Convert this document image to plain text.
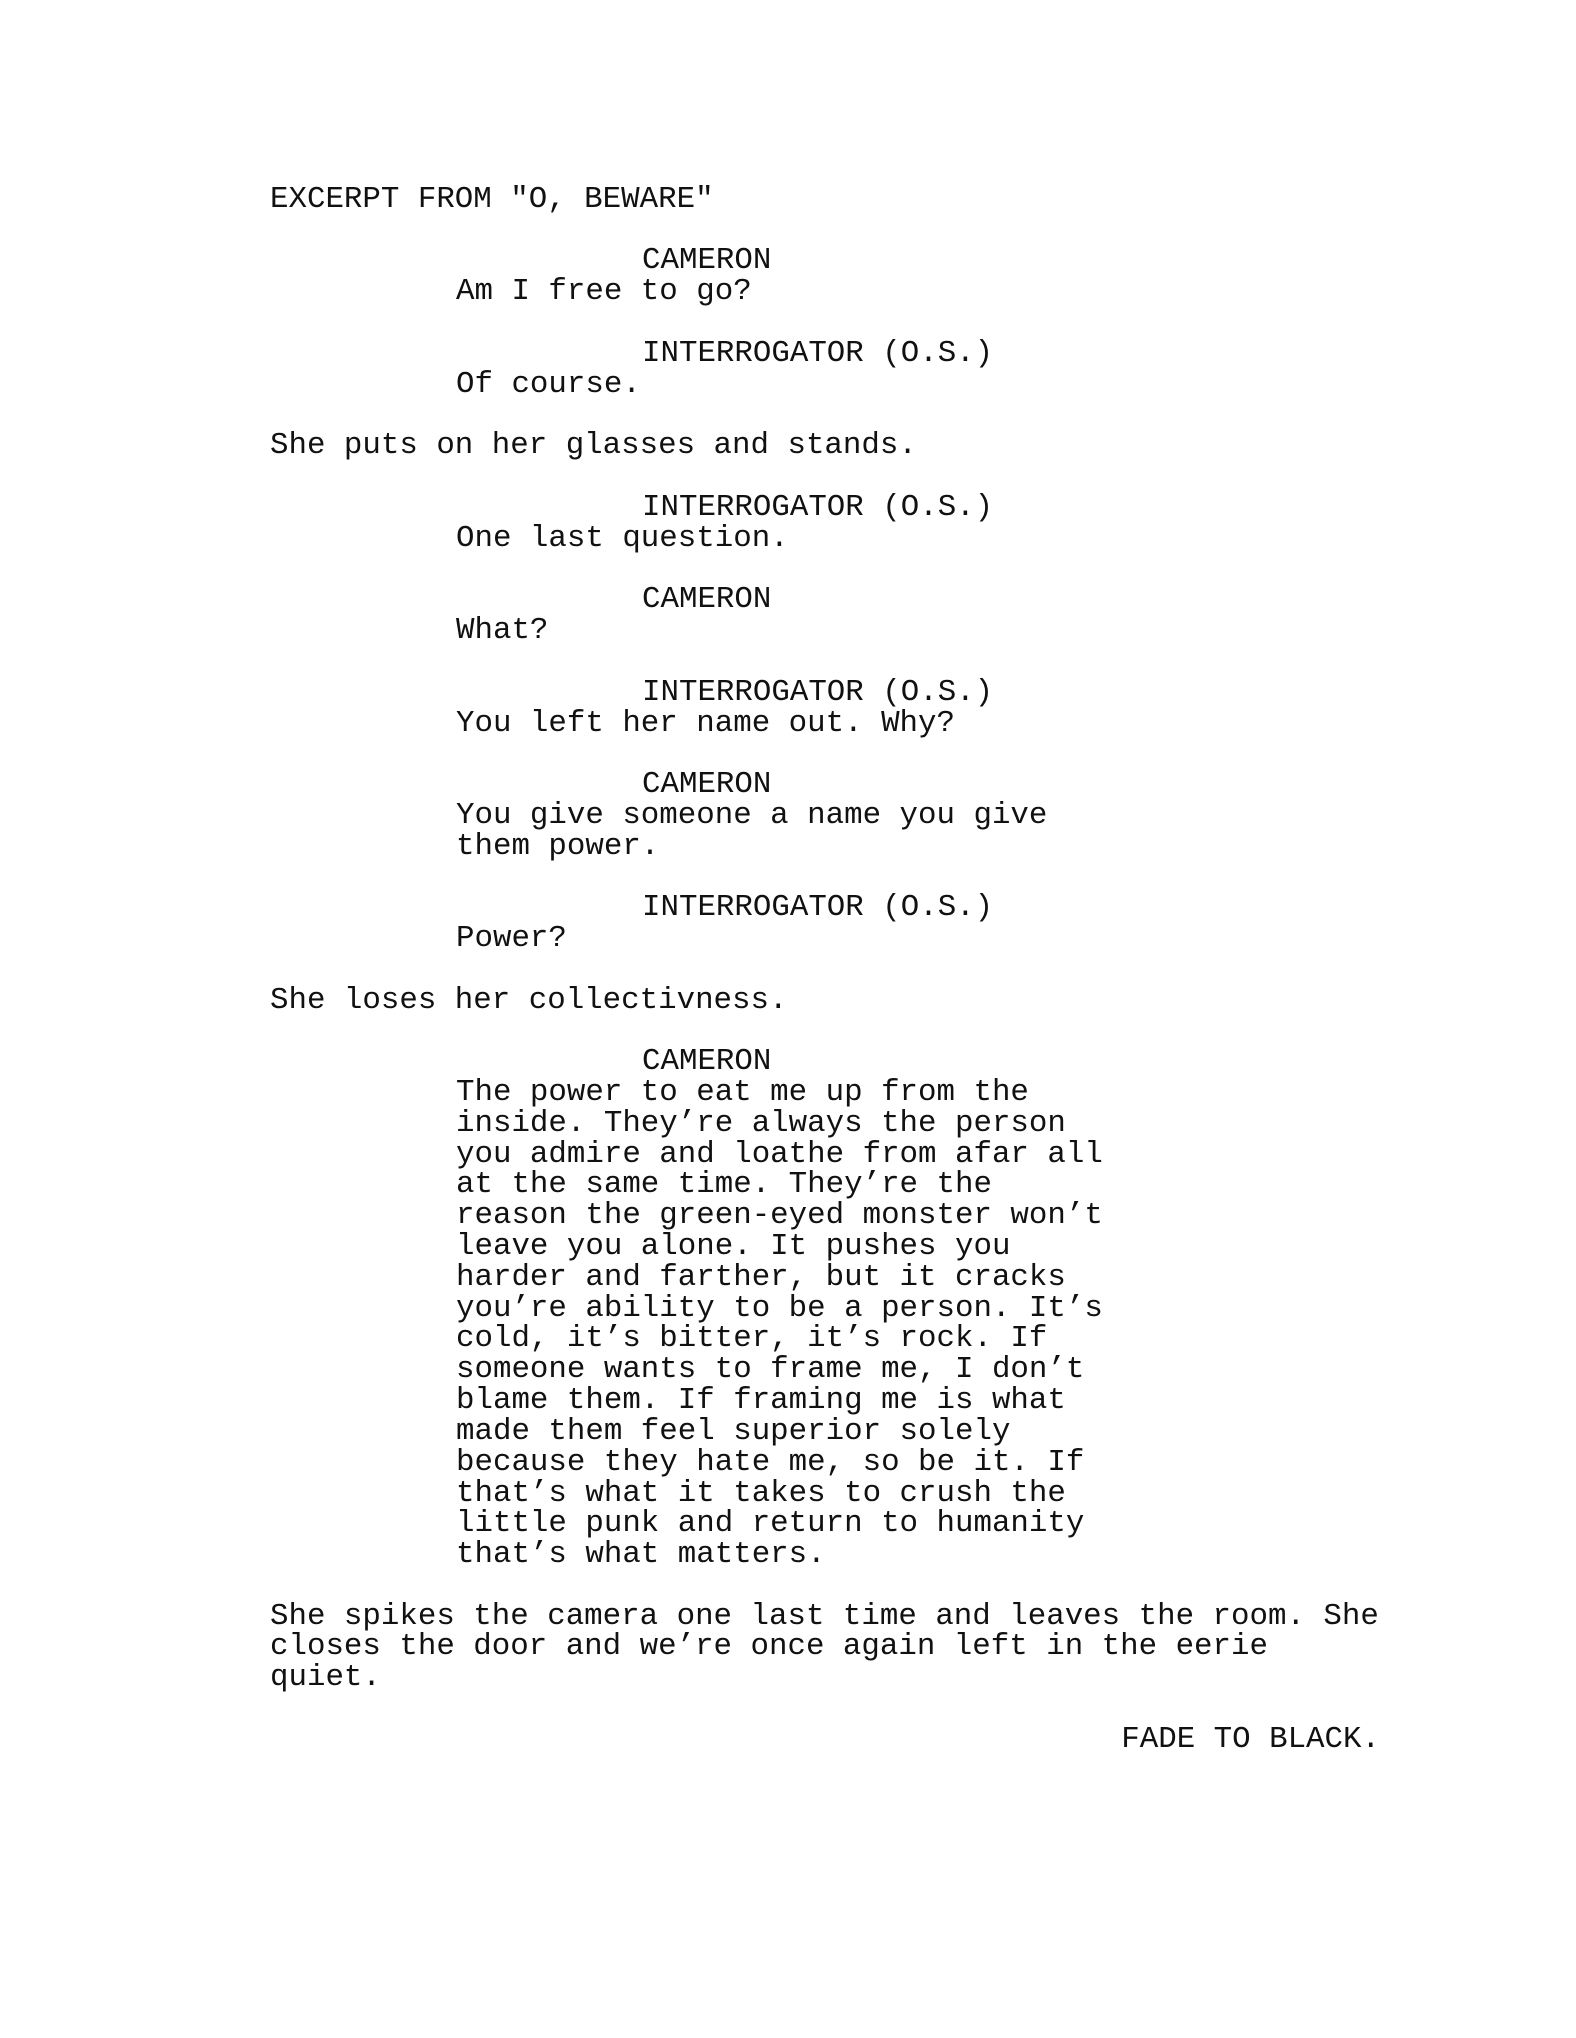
EXCERPT FROM "O, BEWARE"
CAMERON
Am I free to go?
INTERROGATOR (O.S.)
Of course.
She puts on her glasses and stands.
INTERROGATOR (O.S.)
One last question.
CAMERON
What?
INTERROGATOR (O.S.)
You left her name out. Why?
CAMERON
You give someone a name you give
them power.
INTERROGATOR (O.S.)
Power?
She loses her collectivness.
CAMERON
The power to eat me up from the
inside. They’re always the person
you admire and loathe from afar all
at the same time. They’re the
reason the green-eyed monster won’t
leave you alone. It pushes you
harder and farther, but it cracks
you’re ability to be a person. It’s
cold, it’s bitter, it’s rock. If
someone wants to frame me, I don’t
blame them. If framing me is what
made them feel superior solely
because they hate me, so be it. If
that’s what it takes to crush the
little punk and return to humanity
that’s what matters.
She spikes the camera one last time and leaves the room. She
closes the door and we’re once again left in the eerie
quiet.
FADE TO BLACK.
